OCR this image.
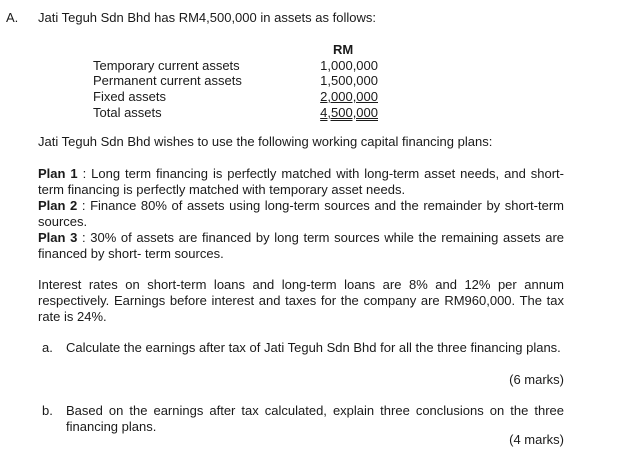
A. Jati Teguh Sdn Bhd has RM4,500,000 in assets as follows:
RM
Temporary current assets	1,000,000
Permanent current assets	1,500,000
Fixed assets	2,000,000
Total assets	4,500,000
Jati Teguh Sdn Bhd wishes to use the following working capital financing plans:
Plan 1 : Long term financing is perfectly matched with long-term asset needs, and short-term financing is perfectly matched with temporary asset needs.
Plan 2 : Finance 80% of assets using long-term sources and the remainder by short-term sources.
Plan 3 : 30% of assets are financed by long term sources while the remaining assets are financed by short- term sources.
Interest rates on short-term loans and long-term loans are 8% and 12% per annum respectively. Earnings before interest and taxes for the company are RM960,000. The tax rate is 24%.
a. Calculate the earnings after tax of Jati Teguh Sdn Bhd for all the three financing plans.
(6 marks)
b. Based on the earnings after tax calculated, explain three conclusions on the three financing plans.
(4 marks)
